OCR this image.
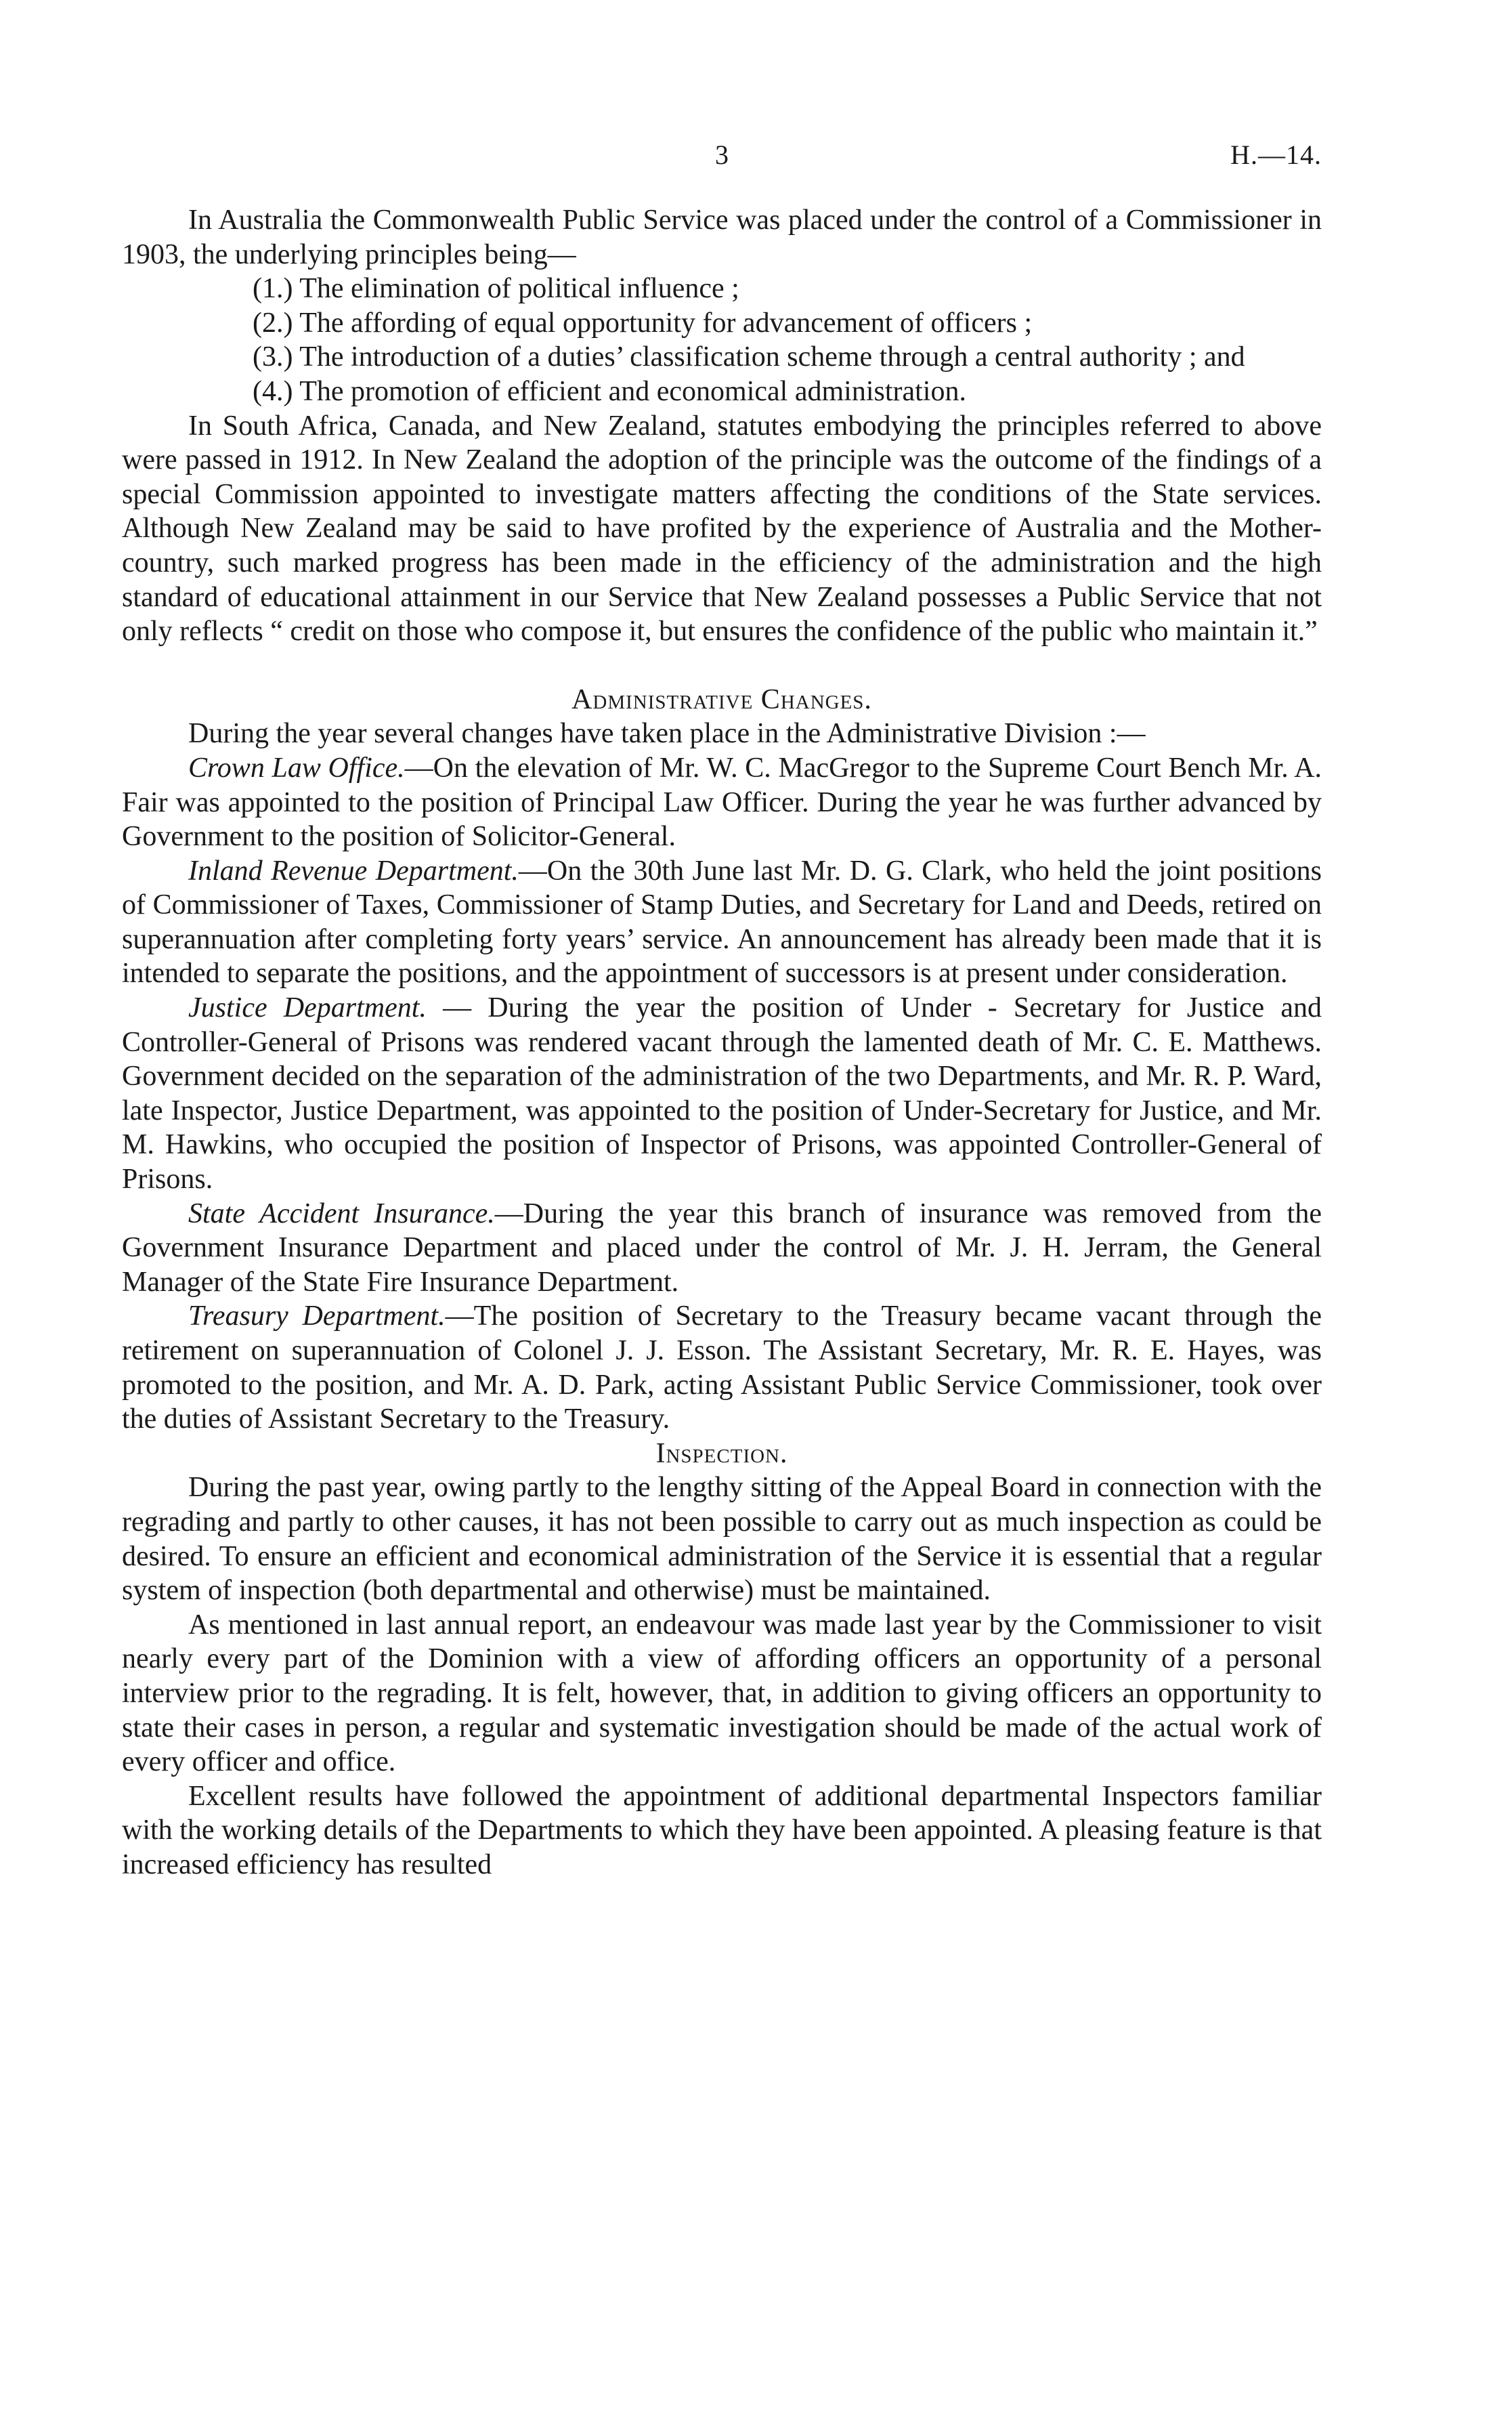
3	H.—14.

In Australia the Commonwealth Public Service was placed under the control of a Commissioner in 1903, the underlying principles being—

(1.) The elimination of political influence ;

(2.) The affording of equal opportunity for advancement of officers ;

(3.) The introduction of a duties’ classification scheme through a central authority ; and

(4.) The promotion of efficient and economical administration.

In South Africa, Canada, and New Zealand, statutes embodying the principles referred to above were passed in 1912. In New Zealand the adoption of the principle was the outcome of the findings of a special Commission appointed to investigate matters affecting the conditions of the State services. Although New Zealand may be said to have profited by the experience of Australia and the Mother-country, such marked progress has been made in the efficiency of the administration and the high standard of educational attainment in our Service that New Zealand possesses a Public Service that not only reflects “ credit on those who compose it, but ensures the confidence of the public who maintain it.”

Administrative Changes.

During the year several changes have taken place in the Administrative Division :—

Crown Law Office.—On the elevation of Mr. W. C. MacGregor to the Supreme Court Bench Mr. A. Fair was appointed to the position of Principal Law Officer. During the year he was further advanced by Government to the position of Solicitor-General.

Inland Revenue Department.—On the 30th June last Mr. D. G. Clark, who held the joint positions of Commissioner of Taxes, Commissioner of Stamp Duties, and Secretary for Land and Deeds, retired on superannuation after completing forty years’ service. An announcement has already been made that it is intended to separate the positions, and the appointment of successors is at present under consideration.

Justice Department. — During the year the position of Under - Secretary for Justice and Controller-General of Prisons was rendered vacant through the lamented death of Mr. C. E. Matthews. Government decided on the separation of the administration of the two Departments, and Mr. R. P. Ward, late Inspector, Justice Department, was appointed to the position of Under-Secretary for Justice, and Mr. M. Hawkins, who occupied the position of Inspector of Prisons, was appointed Controller-General of Prisons.

State Accident Insurance.—During the year this branch of insurance was removed from the Government Insurance Department and placed under the control of Mr. J. H. Jerram, the General Manager of the State Fire Insurance Department.

Treasury Department.—The position of Secretary to the Treasury became vacant through the retirement on superannuation of Colonel J. J. Esson. The Assistant Secretary, Mr. R. E. Hayes, was promoted to the position, and Mr. A. D. Park, acting Assistant Public Service Commissioner, took over the duties of Assistant Secretary to the Treasury.

Inspection.

During the past year, owing partly to the lengthy sitting of the Appeal Board in connection with the regrading and partly to other causes, it has not been possible to carry out as much inspection as could be desired. To ensure an efficient and economical administration of the Service it is essential that a regular system of inspection (both departmental and otherwise) must be maintained.

As mentioned in last annual report, an endeavour was made last year by the Commissioner to visit nearly every part of the Dominion with a view of affording officers an opportunity of a personal interview prior to the regrading. It is felt, however, that, in addition to giving officers an opportunity to state their cases in person, a regular and systematic investigation should be made of the actual work of every officer and office.

Excellent results have followed the appointment of additional departmental Inspectors familiar with the working details of the Departments to which they have been appointed. A pleasing feature is that increased efficiency has resulted
